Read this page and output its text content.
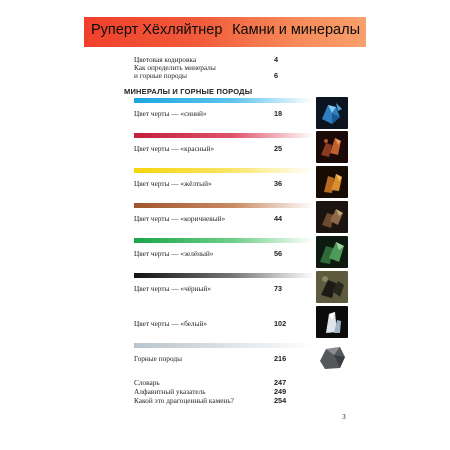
Руперт Хёхляйтнер Камни и минералы
Цветовая кодировка	4
Как определить минералы
и горные породы	6
МИНЕРАЛЫ И ГОРНЫЕ ПОРОДЫ
Цвет черты — «синий»	18
Цвет черты — «красный»	25
Цвет черты — «жёлтый»	36
Цвет черты — «коричневый»	44
Цвет черты — «зелёный»	56
Цвет черты — «чёрный»	73
Цвет черты — «белый»	102
Горные породы	216
Словарь	247
Алфавитный указатель	249
Какой это драгоценный камень?	254
3
